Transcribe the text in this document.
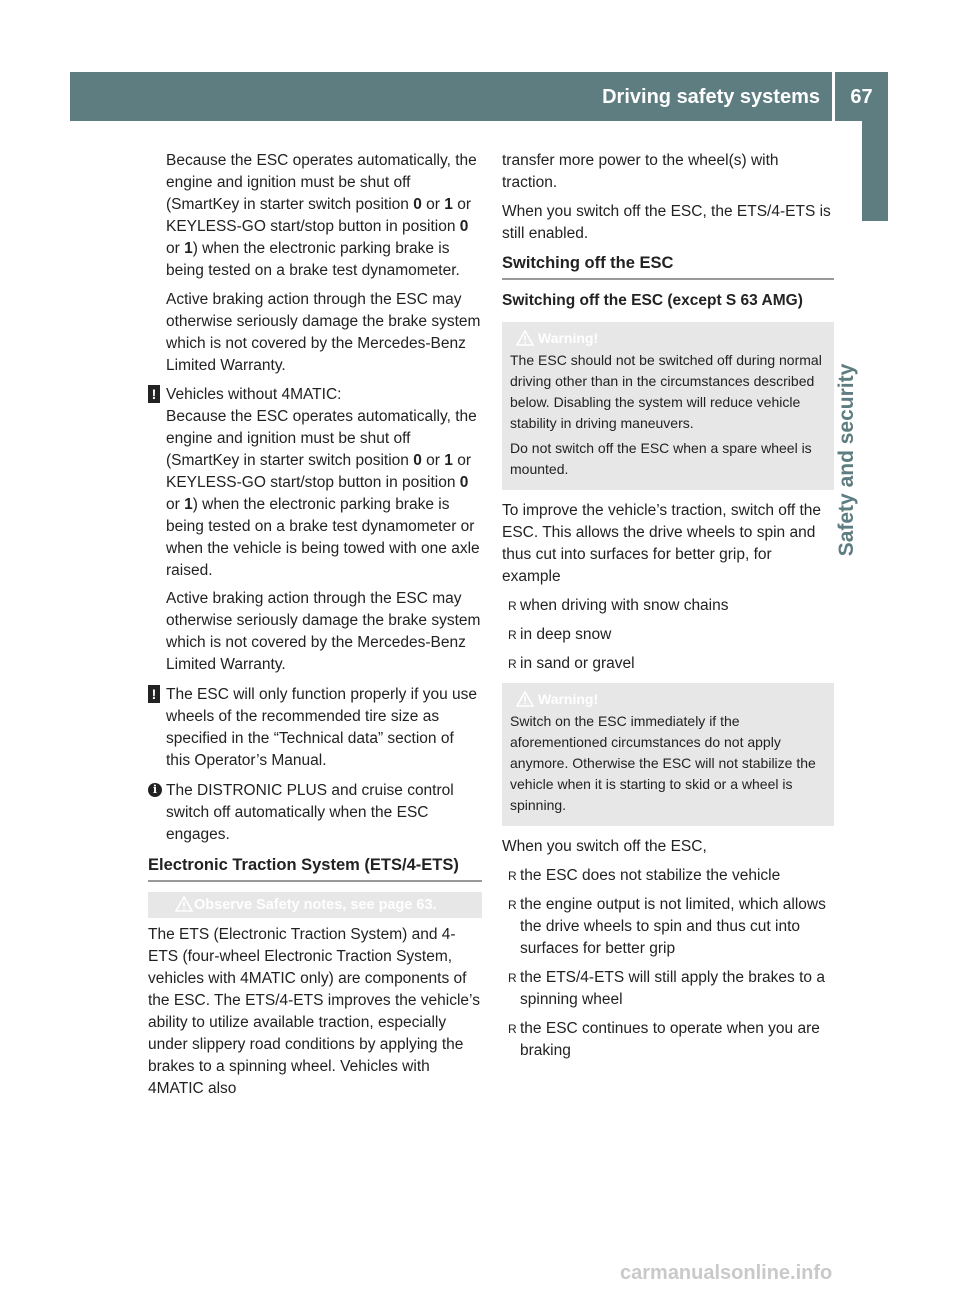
Driving safety systems	67
Safety and security

Because the ESC operates automatically, the engine and ignition must be shut off (SmartKey in starter switch position 0 or 1 or KEYLESS-GO start/stop button in position 0 or 1) when the electronic parking brake is being tested on a brake test dynamometer.

Active braking action through the ESC may otherwise seriously damage the brake system which is not covered by the Mercedes-Benz Limited Warranty.

! Vehicles without 4MATIC:

Because the ESC operates automatically, the engine and ignition must be shut off (SmartKey in starter switch position 0 or 1 or KEYLESS-GO start/stop button in position 0 or 1) when the electronic parking brake is being tested on a brake test dynamometer or when the vehicle is being towed with one axle raised.

Active braking action through the ESC may otherwise seriously damage the brake system which is not covered by the Mercedes-Benz Limited Warranty.

! The ESC will only function properly if you use wheels of the recommended tire size as specified in the “Technical data” section of this Operator’s Manual.

i The DISTRONIC PLUS and cruise control switch off automatically when the ESC engages.

Electronic Traction System (ETS/4-ETS)
Observe Safety notes, see page 63.

The ETS (Electronic Traction System) and 4-ETS (four-wheel Electronic Traction System, vehicles with 4MATIC only) are components of the ESC. The ETS/4-ETS improves the vehicle’s ability to utilize available traction, especially under slippery road conditions by applying the brakes to a spinning wheel. Vehicles with 4MATIC also

transfer more power to the wheel(s) with traction.

When you switch off the ESC, the ETS/4-ETS is still enabled.

Switching off the ESC
Switching off the ESC (except S 63 AMG)
Warning!

The ESC should not be switched off during normal driving other than in the circumstances described below. Disabling the system will reduce vehicle stability in driving maneuvers.

Do not switch off the ESC when a spare wheel is mounted.

To improve the vehicle’s traction, switch off the ESC. This allows the drive wheels to spin and thus cut into surfaces for better grip, for example

R when driving with snow chains
R in deep snow
R in sand or gravel
Warning!

Switch on the ESC immediately if the aforementioned circumstances do not apply anymore. Otherwise the ESC will not stabilize the vehicle when it is starting to skid or a wheel is spinning.

When you switch off the ESC,

R the ESC does not stabilize the vehicle
R the engine output is not limited, which allows the drive wheels to spin and thus cut into surfaces for better grip
R the ETS/4-ETS will still apply the brakes to a spinning wheel
R the ESC continues to operate when you are braking
carmanualsonline.info
